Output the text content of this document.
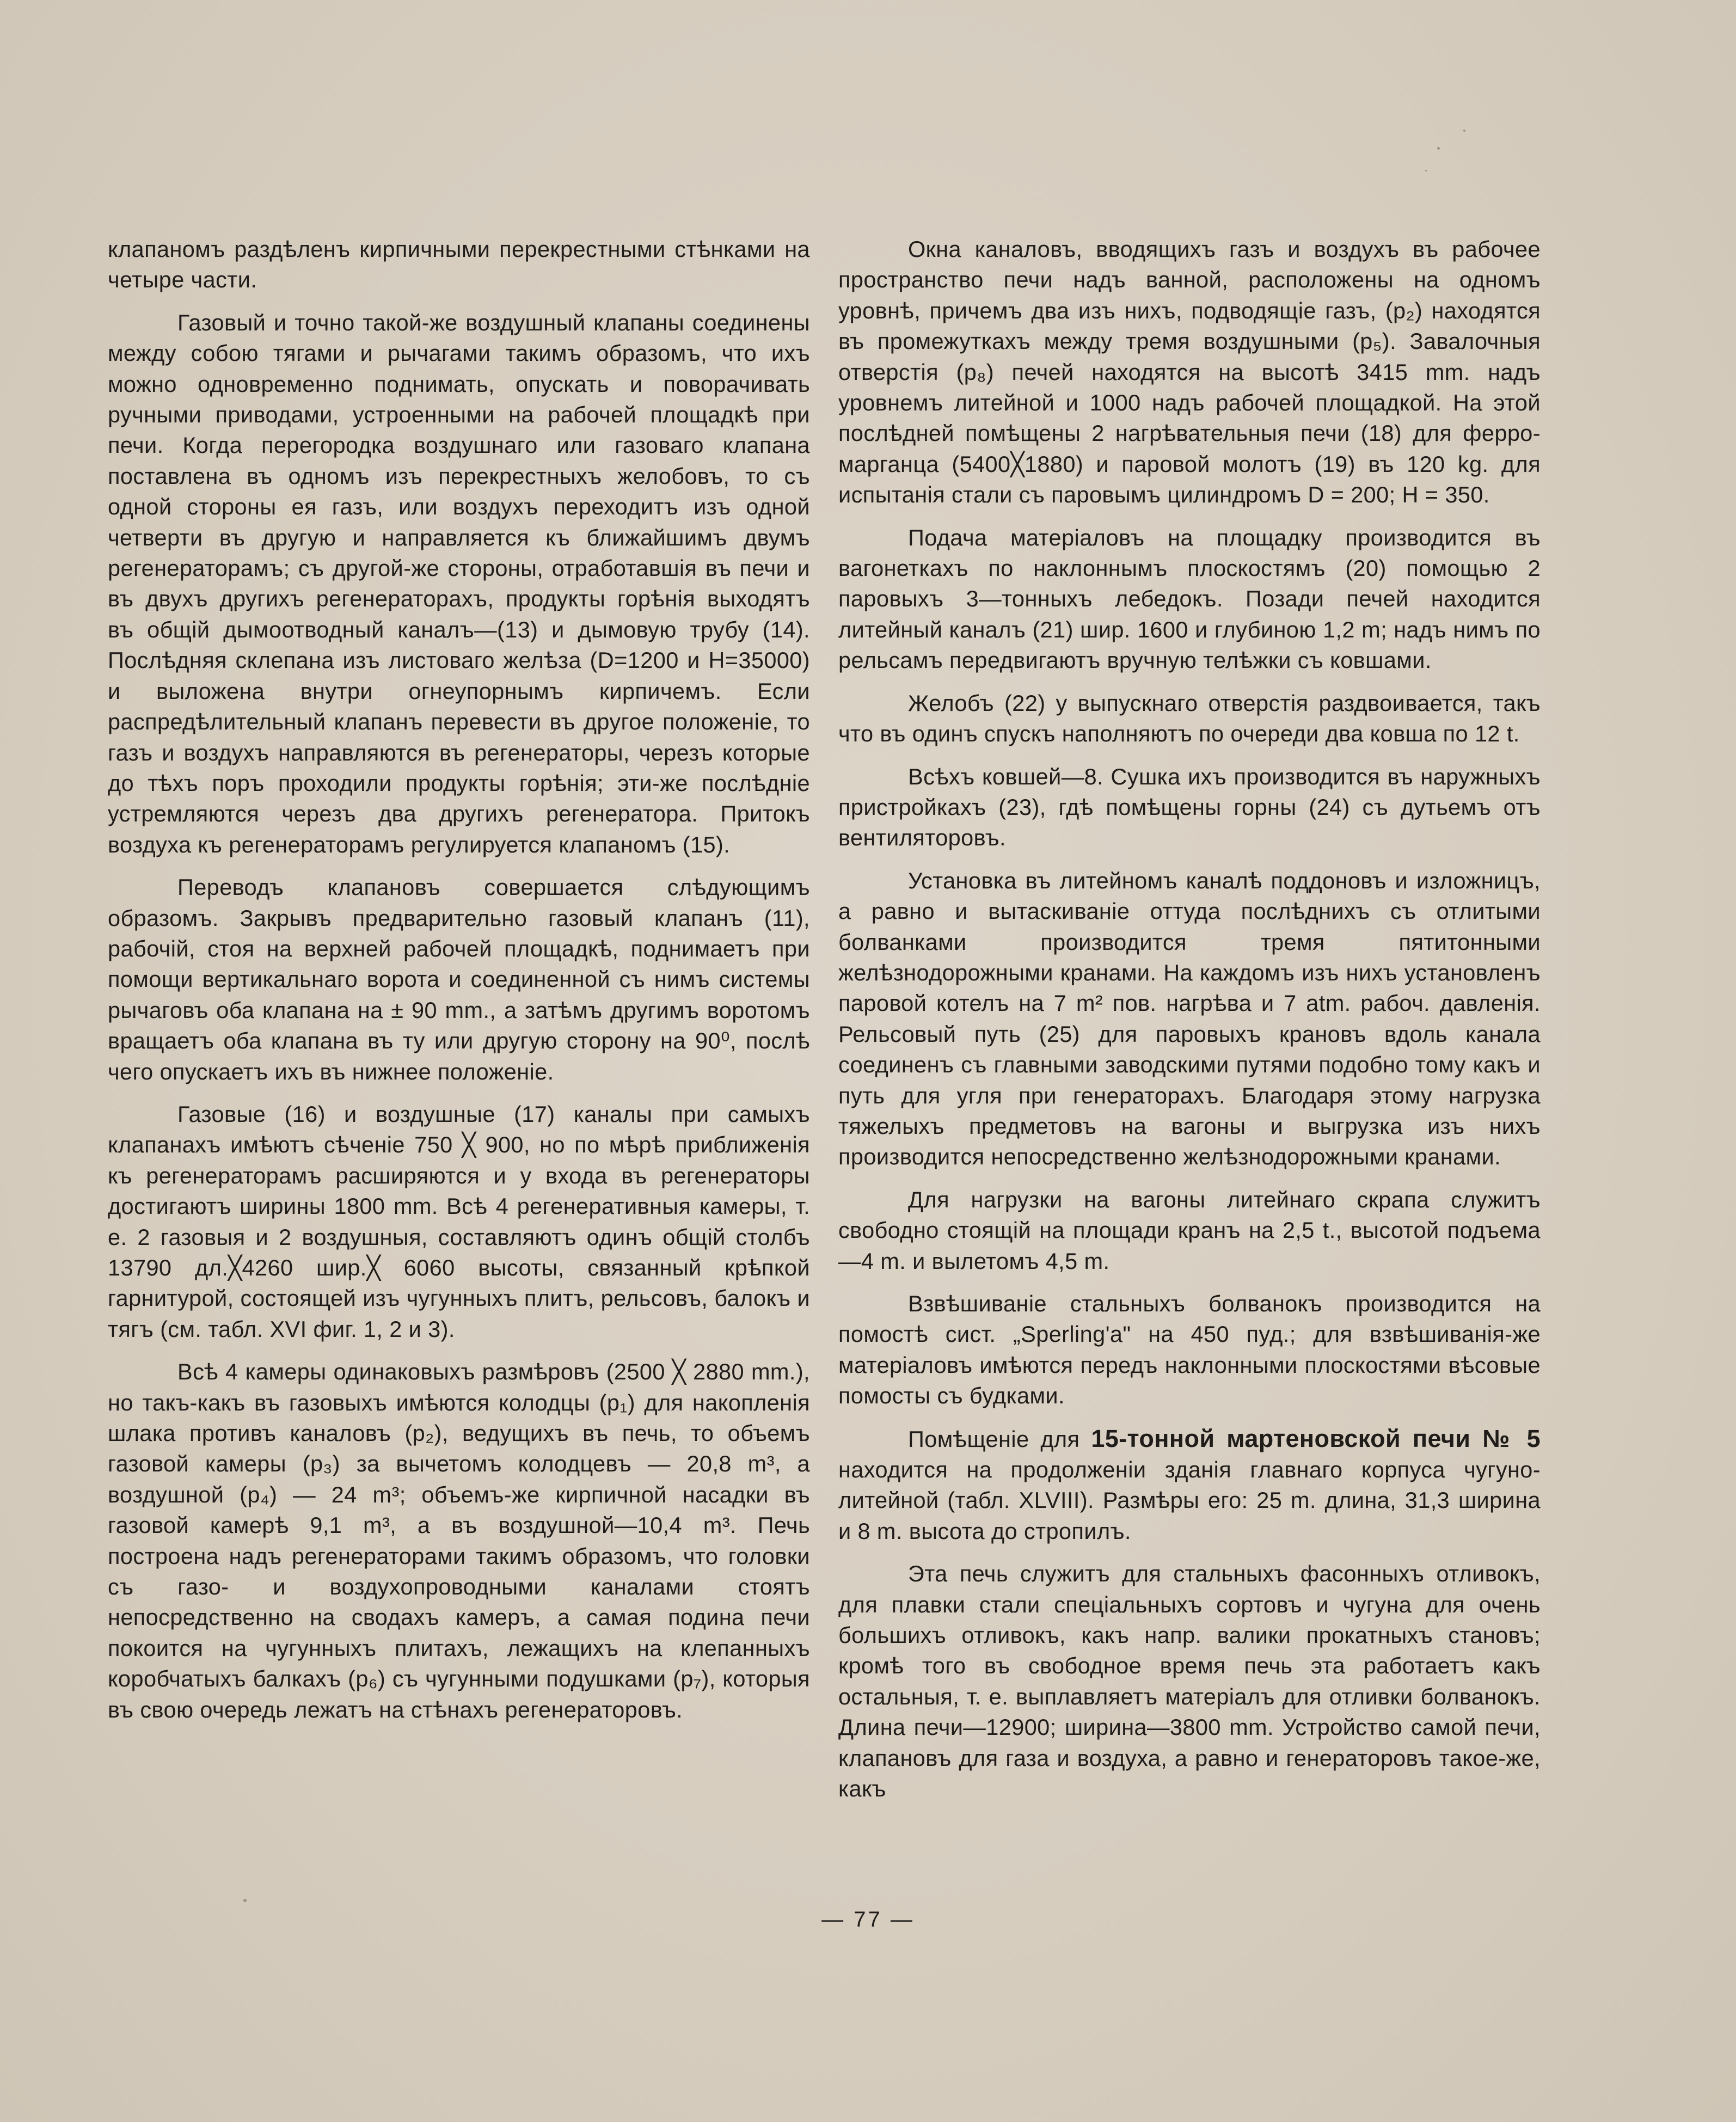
клапаномъ раздѣленъ кирпичными перекрестными стѣнками на четыре части.

Газовый и точно такой-же воздушный клапаны соединены между собою тягами и рычагами такимъ образомъ, что ихъ можно одновременно поднимать, опускать и поворачивать ручными приводами, устроенными на рабочей площадкѣ при печи. Когда перегородка воздушнаго или газоваго клапана поставлена въ одномъ изъ перекрестныхъ желобовъ, то съ одной стороны ея газъ, или воздухъ переходитъ изъ одной четверти въ другую и направляется къ ближайшимъ двумъ регенераторамъ; съ другой-же стороны, отработавшія въ печи и въ двухъ другихъ регенераторахъ, продукты горѣнія выходятъ въ общій дымоотводный каналъ—(13) и дымовую трубу (14). Послѣдняя склепана изъ листоваго желѣза (D=1200 и H=35000) и выложена внутри огнеупорнымъ кирпичемъ. Если распредѣлительный клапанъ перевести въ другое положеніе, то газъ и воздухъ направляются въ регенераторы, черезъ которые до тѣхъ поръ проходили продукты горѣнія; эти-же послѣдніе устремляются черезъ два другихъ регенератора. Притокъ воздуха къ регенераторамъ регулируется клапаномъ (15).

Переводъ клапановъ совершается слѣдующимъ образомъ. Закрывъ предварительно газовый клапанъ (11), рабочій, стоя на верхней рабочей площадкѣ, поднимаетъ при помощи вертикальнаго ворота и соединенной съ нимъ системы рычаговъ оба клапана на ± 90 mm., а затѣмъ другимъ воротомъ вращаетъ оба клапана въ ту или другую сторону на 90⁰, послѣ чего опускаетъ ихъ въ нижнее положеніе.

Газовые (16) и воздушные (17) каналы при самыхъ клапанахъ имѣютъ сѣченіе 750 ╳ 900, но по мѣрѣ приближенія къ регенераторамъ расширяются и у входа въ регенераторы достигаютъ ширины 1800 mm. Всѣ 4 регенеративныя камеры, т. е. 2 газовыя и 2 воздушныя, составляютъ одинъ общій столбъ 13790 дл.╳4260 шир.╳ 6060 высоты, связанный крѣпкой гарнитурой, состоящей изъ чугунныхъ плитъ, рельсовъ, балокъ и тягъ (см. табл. XVI фиг. 1, 2 и 3).

Всѣ 4 камеры одинаковыхъ размѣровъ (2500 ╳ 2880 mm.), но такъ-какъ въ газовыхъ имѣются колодцы (p₁) для накопленія шлака противъ каналовъ (p₂), ведущихъ въ печь, то объемъ газовой камеры (p₃) за вычетомъ колодцевъ — 20,8 m³, а воздушной (p₄) — 24 m³; объемъ-же кирпичной насадки въ газовой камерѣ 9,1 m³, а въ воздушной—10,4 m³. Печь построена надъ регенераторами такимъ образомъ, что головки съ газо- и воздухопроводными каналами стоятъ непосредственно на сводахъ камеръ, а самая подина печи покоится на чугунныхъ плитахъ, лежащихъ на клепанныхъ коробчатыхъ балкахъ (p₆) съ чугунными подушками (p₇), которыя въ свою очередь лежатъ на стѣнахъ регенераторовъ.

Окна каналовъ, вводящихъ газъ и воздухъ въ рабочее пространство печи надъ ванной, расположены на одномъ уровнѣ, причемъ два изъ нихъ, подводящіе газъ, (p₂) находятся въ промежуткахъ между тремя воздушными (p₅). Завалочныя отверстія (p₈) печей находятся на высотѣ 3415 mm. надъ уровнемъ литейной и 1000 надъ рабочей площадкой. На этой послѣдней помѣщены 2 нагрѣвательныя печи (18) для ферро-марганца (5400╳1880) и паровой молотъ (19) въ 120 kg. для испытанія стали съ паровымъ цилиндромъ D = 200; H = 350.

Подача матеріаловъ на площадку производится въ вагонеткахъ по наклоннымъ плоскостямъ (20) помощью 2 паровыхъ 3—тонныхъ лебедокъ. Позади печей находится литейный каналъ (21) шир. 1600 и глубиною 1,2 m; надъ нимъ по рельсамъ передвигаютъ вручную телѣжки съ ковшами.

Желобъ (22) у выпускнаго отверстія раздвоивается, такъ что въ одинъ спускъ наполняютъ по очереди два ковша по 12 t.

Всѣхъ ковшей—8. Сушка ихъ производится въ наружныхъ пристройкахъ (23), гдѣ помѣщены горны (24) съ дутьемъ отъ вентиляторовъ.

Установка въ литейномъ каналѣ поддоновъ и изложницъ, а равно и вытаскиваніе оттуда послѣднихъ съ отлитыми болванками производится тремя пятитонными желѣзнодорожными кранами. На каждомъ изъ нихъ установленъ паровой котелъ на 7 m² пов. нагрѣва и 7 atm. рабоч. давленія. Рельсовый путь (25) для паровыхъ крановъ вдоль канала соединенъ съ главными заводскими путями подобно тому какъ и путь для угля при генераторахъ. Благодаря этому нагрузка тяжелыхъ предметовъ на вагоны и выгрузка изъ нихъ производится непосредственно желѣзнодорожными кранами.

Для нагрузки на вагоны литейнаго скрапа служитъ свободно стоящій на площади кранъ на 2,5 t., высотой подъема—4 m. и вылетомъ 4,5 m.

Взвѣшиваніе стальныхъ болванокъ производится на помостѣ сист. „Sperling'a" на 450 пуд.; для взвѣшиванія-же матеріаловъ имѣются передъ наклонными плоскостями вѣсовые помосты съ будками.

Помѣщеніе для 15-тонной мартеновской печи № 5 находится на продолженіи зданія главнаго корпуса чугуно-литейной (табл. XLVIII). Размѣры его: 25 m. длина, 31,3 ширина и 8 m. высота до стропилъ.

Эта печь служитъ для стальныхъ фасонныхъ отливокъ, для плавки стали спеціальныхъ сортовъ и чугуна для очень большихъ отливокъ, какъ напр. валики прокатныхъ становъ; кромѣ того въ свободное время печь эта работаетъ какъ остальныя, т. е. выплавляетъ матеріалъ для отливки болванокъ. Длина печи—12900; ширина—3800 mm. Устройство самой печи, клапановъ для газа и воздуха, а равно и генераторовъ такое-же, какъ

— 77 —
